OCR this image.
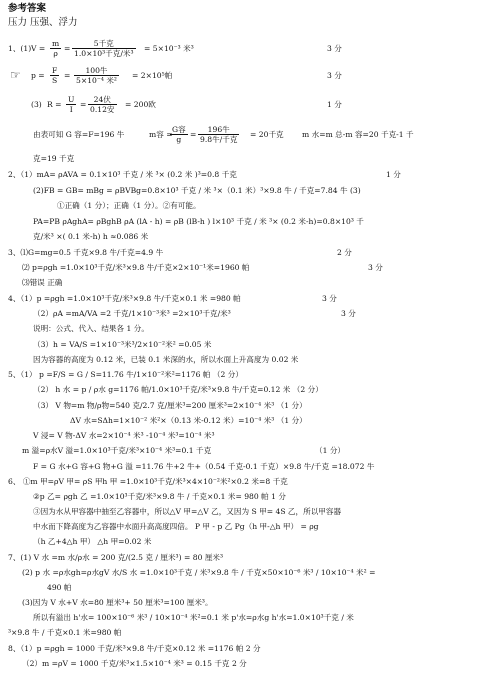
参考答案
压力 压强、浮力
1、(1) $V = \frac{m}{\rho}$ =
5千克
1.0×10³千克/米³
= 5×10⁻³ 米³	3 分
☞ $p = \frac{F}{S}$ =
100牛
5×10⁻⁴ 米²
= 2×10⁵帕	3 分
(3) $R = \frac{U}{I}$ =
24伏
0.12安
= 200欧	1 分
由表可知 G 容=F=196 牛	m容 =
G容
g
=
196牛
9.8牛/千克
= 20千克 m 水=m 总-m 容=20 千克-1 千
克=19 千克
2、（1）mA= ρAVA = 0.1×10³ 千克 / 米 ³× (0.2 米 )³=0.8 千克	1 分
(2)FB = GB= mBg = ρBVBg=0.8×10³ 千克 / 米 ³×（0.1 米）³×9.8 牛 / 千克=7.84 牛 (3)
①正确（1 分）；正确（1 分）。②有可能。
PA=PB ρAghA= ρBghB ρA (lA - h) = ρB (lB-h ) l×10³ 千克 / 米 ³× (0.2 米-h)=0.8×10³ 千
克/米³ ×( 0.1 米-h) h ≈0.086 米
3、⑴G=mg=0.5 千克×9.8 牛/千克=4.9 牛	2 分
⑵ p=ρgh =1.0×10³千克/米³×9.8 牛/千克×2×10⁻¹米=1960 帕	3 分
⑶错误 正确
4、（1）p =ρgh =1.0×10³千克/米³×9.8 牛/千克×0.1 米 =980 帕	3 分
（2）ρA =mA/VA =2 千克/1×10⁻³米³ =2×10³千克/米³	3 分
说明：公式、代入、结果各 1 分。
（3）h = VA/S =1×10⁻³米³/2×10⁻²米² =0.05 米
因为容器的高度为 0.12 米，已装 0.1 米深的水，所以水面上升高度为 0.02 米
5、（1） p =F/S = G / S=11.76 牛/1×10⁻²米²=1176 帕 （2 分）
（2） h 水 = p / ρ水 g=1176 帕/1.0×10³千克/米³×9.8 牛/千克=0.12 米 （2 分）
（3） V 物=m 物/ρ物=540 克/2.7 克/厘米³=200 厘米³=2×10⁻⁴ 米³ （1 分）
ΔV 水=SΔh=1×10⁻² 米²×（0.13 米-0.12 米）=10⁻⁴ 米³ （1 分）
V 浸= V 物-ΔV 水=2×10⁻⁴ 米³ -10⁻⁴ 米³=10⁻⁴ 米³
m 溢=ρ水V 溢=1.0×10³千克/米³×10⁻⁴ 米³=0.1 千克	（1 分）
F = G 水+G 容+G 物+G 溢 =11.76 牛+2 牛+（0.54 千克-0.1 千克）×9.8 牛/千克 =18.072 牛
6、 ①m 甲=ρV 甲= ρS 甲h 甲 =1.0×10³千克/米³×4×10⁻²米²×0.2 米=8 千克
②p 乙= ρgh 乙 =1.0×10³千克/米³×9.8 牛 / 千克×0.1 米= 980 帕 1 分
③因为水从甲容器中抽至乙容器中，所以△V 甲=△V 乙，又因为 S 甲= 4S 乙，所以甲容器
中水而下降高度为乙容器中水面升高高度四倍。 P 甲 - p 乙 Pg（h 甲-△h 甲） = ρg
（h 乙+4△h 甲） △h 甲=0.02 米
7、(1) V 水 =m 水/ρ水 = 200 克/(2.5 克 / 厘米³) = 80 厘米³
(2) p 水 =ρ水gh=ρ水gV 水/S 水 =1.0×10³千克 / 米³×9.8 牛 / 千克×50×10⁻⁶ 米³ / 10×10⁻⁴ 米² =
490 帕
(3)因为 V 水+V 水=80 厘米³+ 50 厘米³=100 厘米³。
所以有溢出 h'水= 100×10⁻⁶ 米³ / 10×10⁻⁴ 米²=0.1 米 p'水=ρ水g h'水=1.0×10³千克 / 米
³×9.8 牛 / 千克×0.1 米=980 帕
8、（1）p =ρgh = 1000 千克/米³×9.8 牛/千克×0.12 米 =1176 帕 2 分
（2）m =ρV = 1000 千克/米³×1.5×10⁻⁴ 米³ = 0.15 千克 2 分
